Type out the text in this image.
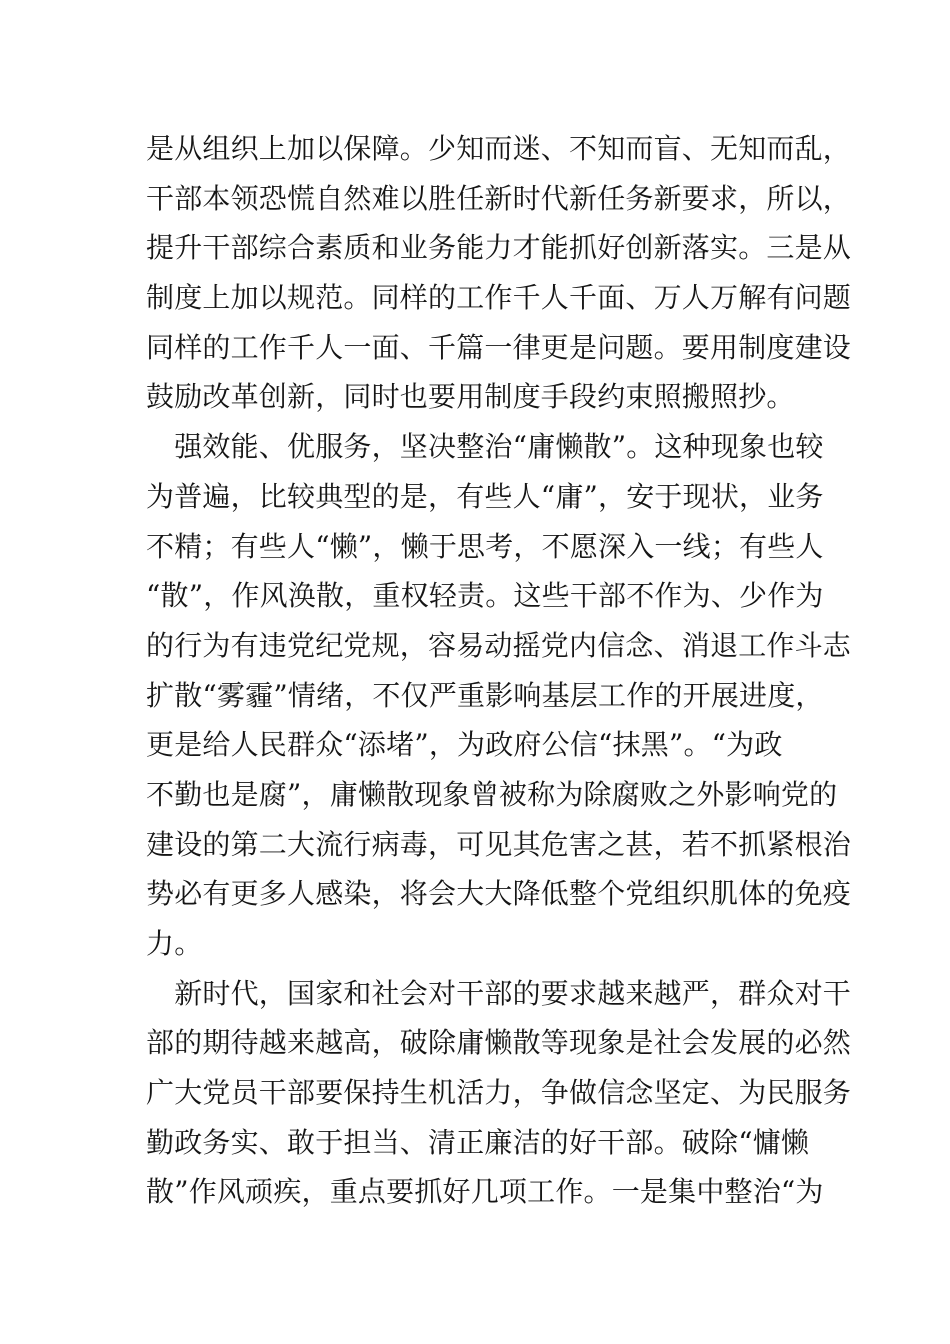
是从组织上加以保障。少知而迷、不知而盲、无知而乱，
干部本领恐慌自然难以胜任新时代新任务新要求，所以，
提升干部综合素质和业务能力才能抓好创新落实。三是从
制度上加以规范。同样的工作千人千面、万人万解有问题
同样的工作千人一面、千篇一律更是问题。要用制度建设
鼓励改革创新，同时也要用制度手段约束照搬照抄。
　强效能、优服务，坚决整治“庸懒散”。这种现象也较
为普遍，比较典型的是，有些人“庸”，安于现状，业务
不精；有些人“懒”，懒于思考，不愿深入一线；有些人
“散”，作风涣散，重权轻责。这些干部不作为、少作为
的行为有违党纪党规，容易动摇党内信念、消退工作斗志
扩散“雾霾”情绪，不仅严重影响基层工作的开展进度，
更是给人民群众“添堵”，为政府公信“抹黑”。“为政
不勤也是腐”，庸懒散现象曾被称为除腐败之外影响党的
建设的第二大流行病毒，可见其危害之甚，若不抓紧根治
势必有更多人感染，将会大大降低整个党组织肌体的免疫
力。
　新时代，国家和社会对干部的要求越来越严，群众对干
部的期待越来越高，破除庸懒散等现象是社会发展的必然
广大党员干部要保持生机活力，争做信念坚定、为民服务
勤政务实、敢于担当、清正廉洁的好干部。破除“慵懒
散”作风顽疾，重点要抓好几项工作。一是集中整治“为
